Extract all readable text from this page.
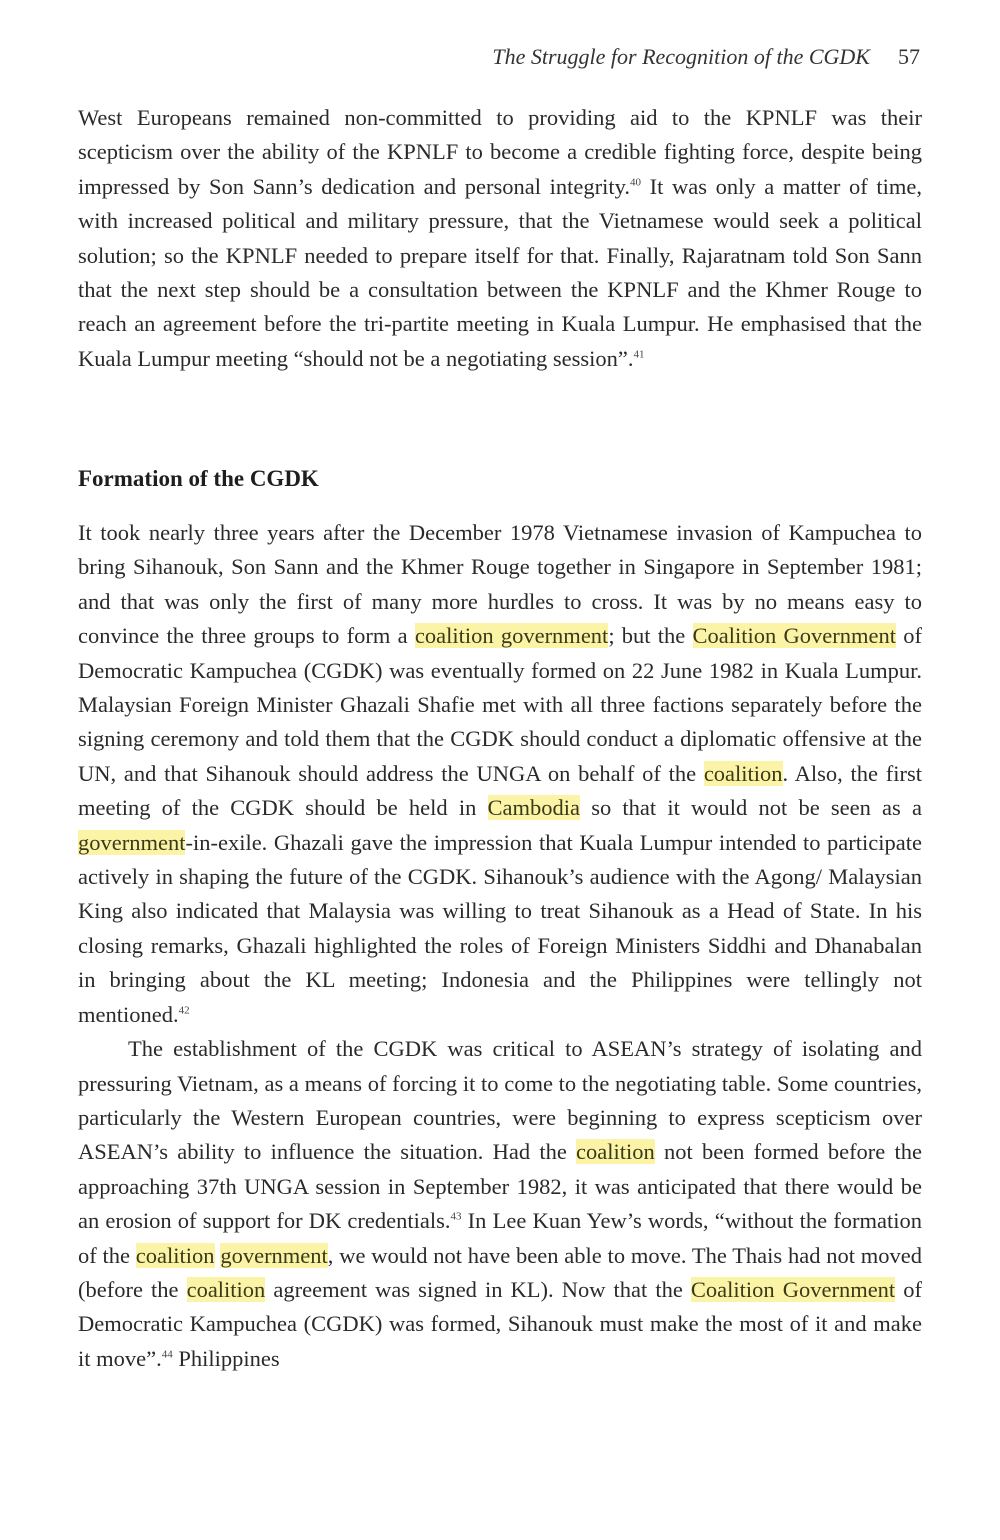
The Struggle for Recognition of the CGDK 57

West Europeans remained non-committed to providing aid to the KPNLF was their scepticism over the ability of the KPNLF to become a credible fighting force, despite being impressed by Son Sann’s dedication and personal integrity.$^{40}$ It was only a matter of time, with increased political and military pressure, that the Vietnamese would seek a political solution; so the KPNLF needed to prepare itself for that. Finally, Rajaratnam told Son Sann that the next step should be a consultation between the KPNLF and the Khmer Rouge to reach an agreement before the tri-partite meeting in Kuala Lumpur. He emphasised that the Kuala Lumpur meeting “should not be a negotiating session”.$^{41}$

Formation of the CGDK

It took nearly three years after the December 1978 Vietnamese invasion of Kampuchea to bring Sihanouk, Son Sann and the Khmer Rouge together in Singapore in September 1981; and that was only the first of many more hurdles to cross. It was by no means easy to convince the three groups to form a coalition government; but the Coalition Government of Democratic Kampuchea (CGDK) was eventually formed on 22 June 1982 in Kuala Lumpur. Malaysian Foreign Minister Ghazali Shafie met with all three factions separately before the signing ceremony and told them that the CGDK should conduct a diplomatic offensive at the UN, and that Sihanouk should address the UNGA on behalf of the coalition. Also, the first meeting of the CGDK should be held in Cambodia so that it would not be seen as a government-in-exile. Ghazali gave the impression that Kuala Lumpur intended to participate actively in shaping the future of the CGDK. Sihanouk’s audience with the Agong/ Malaysian King also indicated that Malaysia was willing to treat Sihanouk as a Head of State. In his closing remarks, Ghazali highlighted the roles of Foreign Ministers Siddhi and Dhanabalan in bringing about the KL meeting; Indonesia and the Philippines were tellingly not mentioned.$^{42}$

The establishment of the CGDK was critical to ASEAN’s strategy of isolating and pressuring Vietnam, as a means of forcing it to come to the negotiating table. Some countries, particularly the Western European countries, were beginning to express scepticism over ASEAN’s ability to influence the situation. Had the coalition not been formed before the approaching 37th UNGA session in September 1982, it was anticipated that there would be an erosion of support for DK credentials.$^{43}$ In Lee Kuan Yew’s words, “without the formation of the coalition government, we would not have been able to move. The Thais had not moved (before the coalition agreement was signed in KL). Now that the Coalition Government of Democratic Kampuchea (CGDK) was formed, Sihanouk must make the most of it and make it move”.$^{44}$ Philippines
